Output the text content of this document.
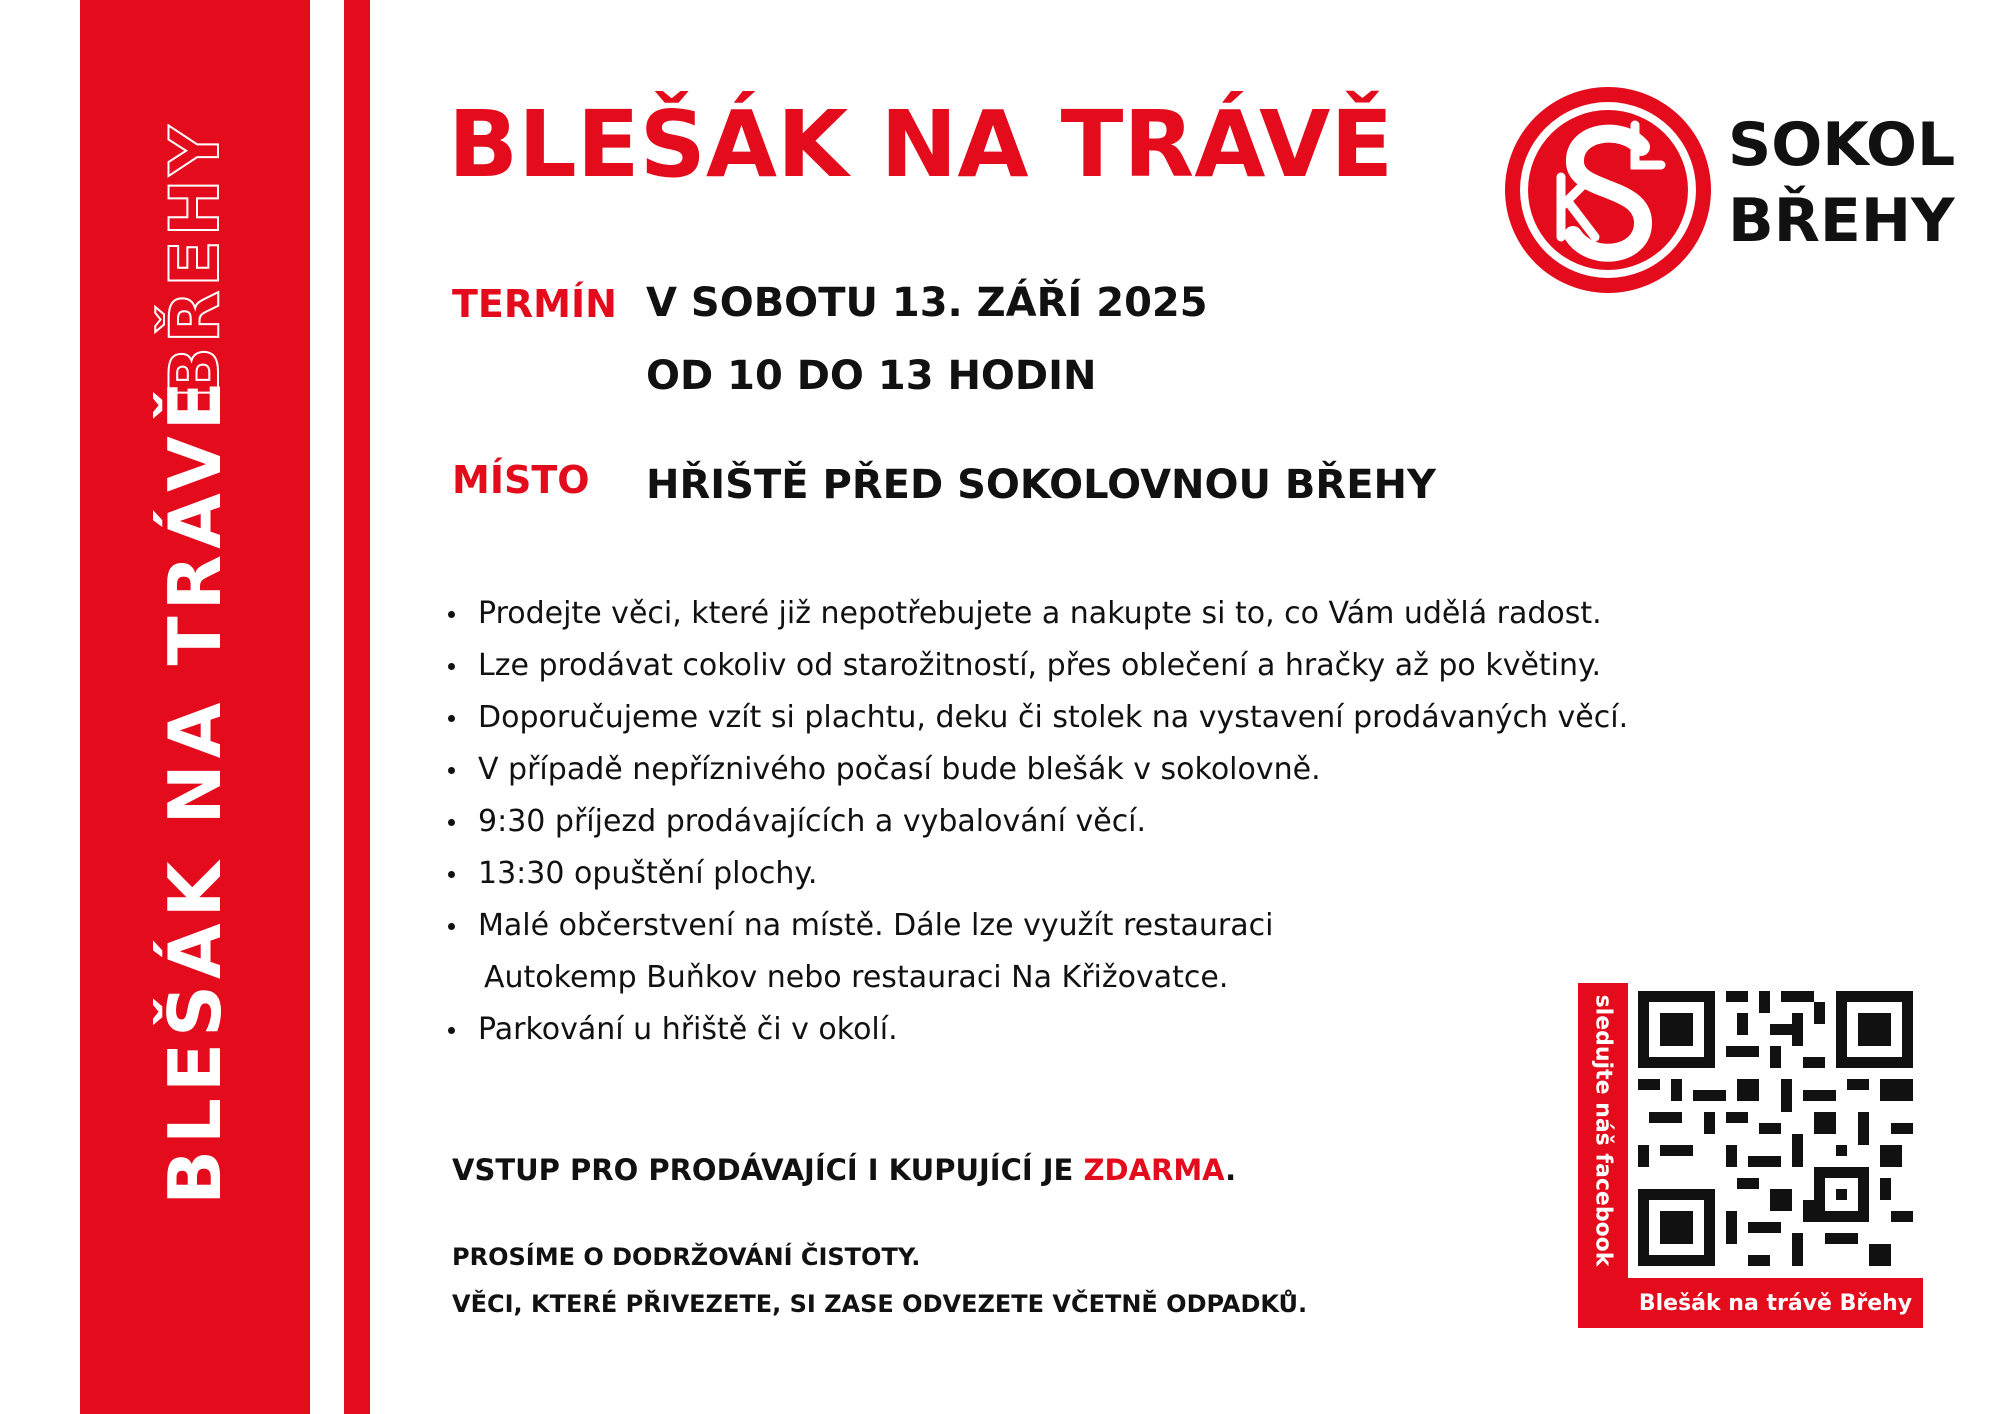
BŘEHY
BLEŠÁK NA TRÁVĚ
BLEŠÁK NA TRÁVĚ	SOKOL
BŘEHY
TERMÍN V SOBOTU 13. ZÁŘÍ 2025
OD 10 DO 13 HODIN
MÍSTO HŘIŠTĚ PŘED SOKOLOVNOU BŘEHY
Prodejte věci, které již nepotřebujete a nakupte si to, co Vám udělá radost.
Lze prodávat cokoliv od starožitností, přes oblečení a hračky až po květiny.
Doporučujeme vzít si plachtu, deku či stolek na vystavení prodávaných věcí.
V případě nepříznivého počasí bude blešák v sokolovně.
9:30 příjezd prodávajících a vybalování věcí.
13:30 opuštění plochy.
Malé občerstvení na místě. Dále lze využít restauraci
Autokemp Buňkov nebo restauraci Na Křižovatce.
Parkování u hřiště či v okolí.
VSTUP PRO PRODÁVAJÍCÍ I KUPUJÍCÍ JE ZDARMA.
PROSÍME O DODRŽOVÁNÍ ČISTOTY.
VĚCI, KTERÉ PŘIVEZETE, SI ZASE ODVEZETE VČETNĚ ODPADKŮ.
sledujte náš facebook
Blešák na trávě Břehy
